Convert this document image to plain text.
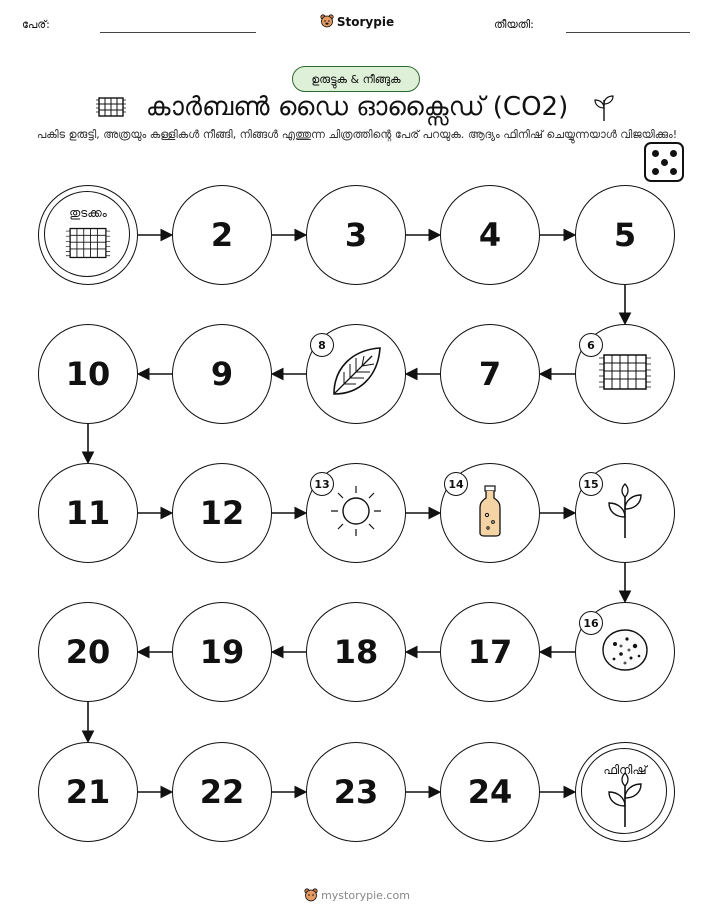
പേര്:	Storypie	തീയതി:
ഉരുട്ടുക & നീങ്ങുക
കാർബൺ ഡൈ ഓക്സൈഡ് (CO2)
പകിട ഉരുട്ടി, അത്രയും കള്ളികൾ നീങ്ങി, നിങ്ങൾ എത്തുന്ന ചിത്രത്തിന്റെ പേര് പറയുക. ആദ്യം ഫിനിഷ് ചെയ്യുന്നയാൾ വിജയിക്കും!
തുടക്കം
2	3	4	5
6
7
8
9
10
11	12
13	14	15
16
17
18
19
20
21	22	23	24
ഫിനിഷ്
mystorypie.com
